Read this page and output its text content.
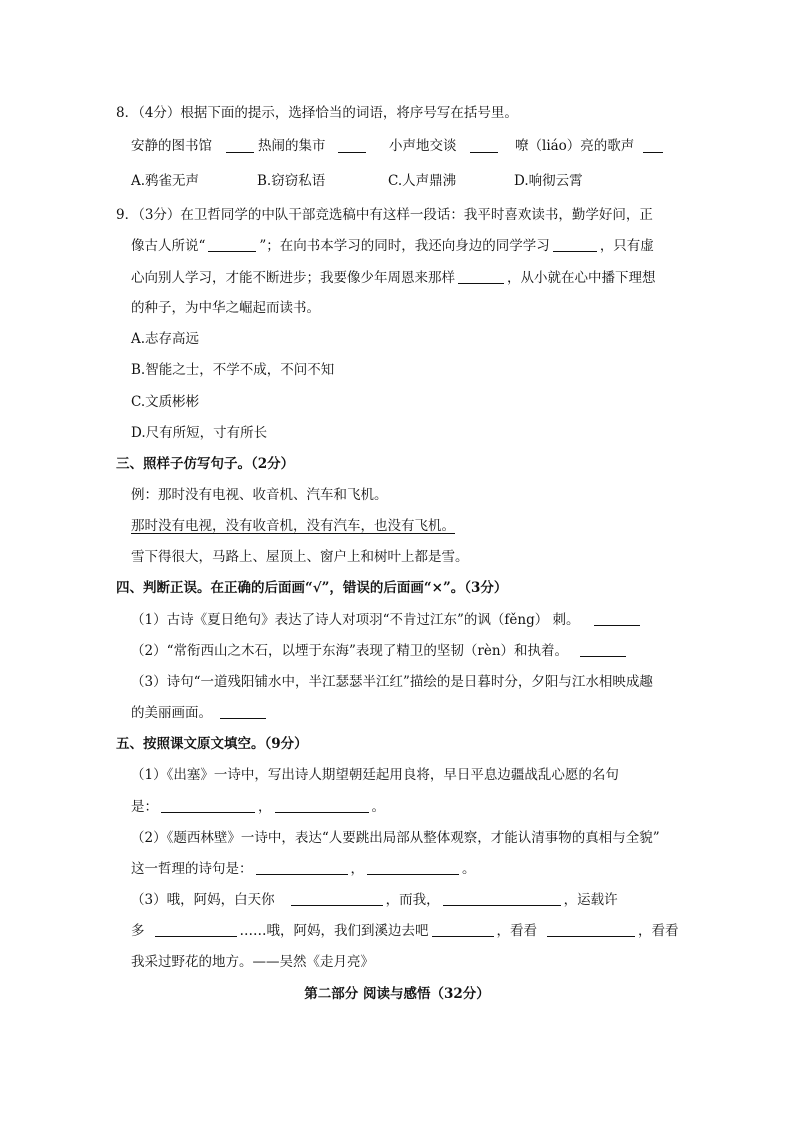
8．（4分）根据下面的提示，选择恰当的词语，将序号写在括号里。
安静的图书馆	热闹的集市	小声地交谈	嘹（liáo）亮的歌声
A.鸦雀无声	B.窃窃私语	C.人声鼎沸	D.响彻云霄
9．（3分）在卫哲同学的中队干部竞选稿中有这样一段话：我平时喜欢读书，勤学好问，正
像古人所说“	”；在向书本学习的同时，我还向身边的同学学习	，只有虚
心向别人学习，才能不断进步；我要像少年周恩来那样	，从小就在心中播下理想
的种子，为中华之崛起而读书。
A.志存高远
B.智能之士，不学不成，不问不知
C.文质彬彬
D.尺有所短，寸有所长
三、照样子仿写句子。（2分）
例：那时没有电视、收音机、汽车和飞机。
那时没有电视，没有收音机，没有汽车，也没有飞机。
雪下得很大，马路上、屋顶上、窗户上和树叶上都是雪。
四、判断正误。在正确的后面画“√”，错误的后面画“×”。（3分）
（1）古诗《夏日绝句》表达了诗人对项羽“不肯过江东”的讽（fěng） 刺。
（2）“常衔西山之木石，以堙于东海”表现了精卫的坚韧（rèn）和执着。
（3）诗句“一道残阳铺水中，半江瑟瑟半江红”描绘的是日暮时分，夕阳与江水相映成趣
的美丽画面。
五、按照课文原文填空。（9分）
（1）《出塞》一诗中，写出诗人期望朝廷起用良将，早日平息边疆战乱心愿的名句
是：	，	。
（2）《题西林壁》一诗中，表达“人要跳出局部从整体观察，才能认清事物的真相与全貌”
这一哲理的诗句是：	，	。
（3）哦，阿妈，白天你	，而我，	，运载许
多	……哦，阿妈，我们到溪边去吧	，看看	，看看
我采过野花的地方。——吴然《走月亮》
第二部分 阅读与感悟（32分）
